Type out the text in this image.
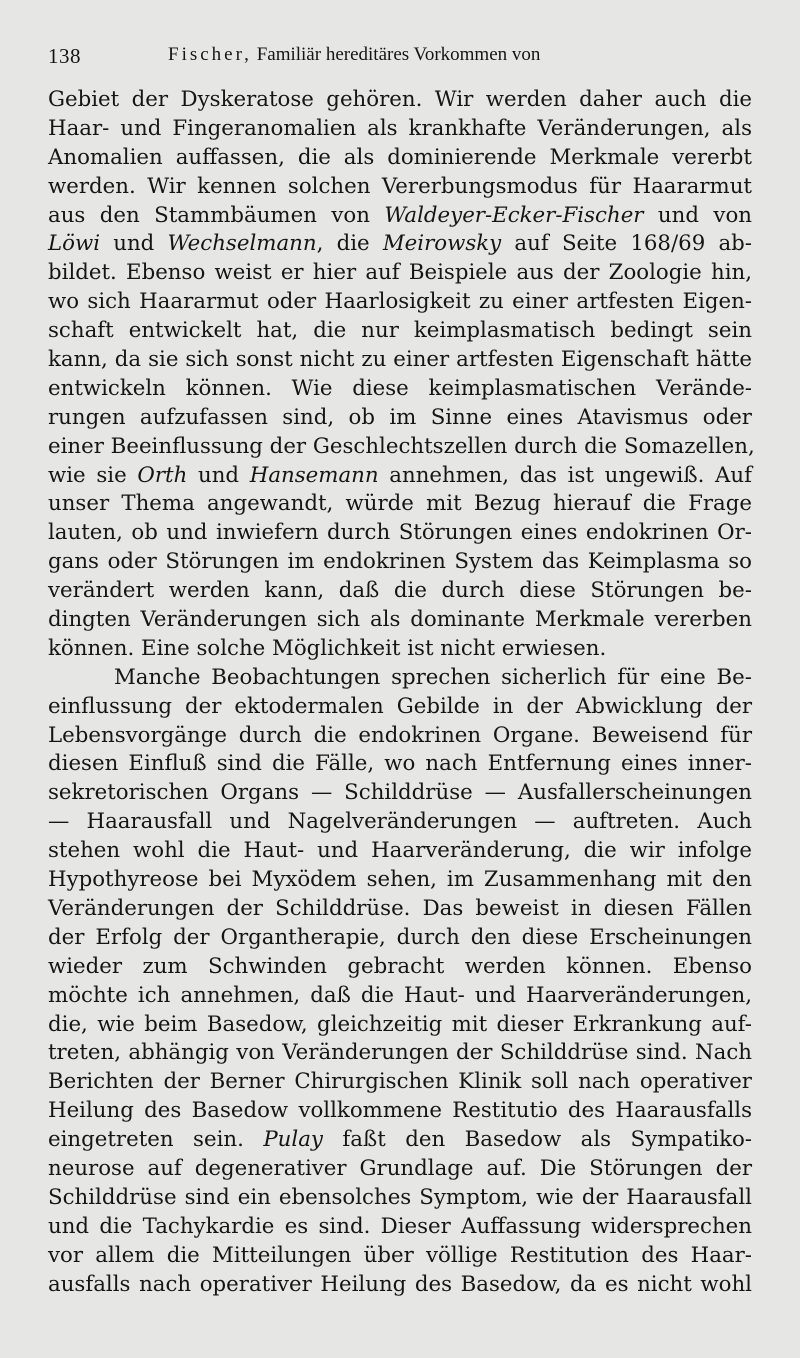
138	Fischer, Familiär hereditäres Vorkommen von
Gebiet der Dyskeratose gehören. Wir werden daher auch die
Haar- und Fingeranomalien als krankhafte Veränderungen, als
Anomalien auffassen, die als dominierende Merkmale vererbt
werden. Wir kennen solchen Vererbungsmodus für Haararmut
aus den Stammbäumen von Waldeyer-Ecker-Fischer und von
Löwi und Wechselmann, die Meirowsky auf Seite 168/69 ab-
bildet. Ebenso weist er hier auf Beispiele aus der Zoologie hin,
wo sich Haararmut oder Haarlosigkeit zu einer artfesten Eigen-
schaft entwickelt hat, die nur keimplasmatisch bedingt sein
kann, da sie sich sonst nicht zu einer artfesten Eigenschaft hätte
entwickeln können. Wie diese keimplasmatischen Verände-
rungen aufzufassen sind, ob im Sinne eines Atavismus oder
einer Beeinflussung der Geschlechtszellen durch die Somazellen,
wie sie Orth und Hansemann annehmen, das ist ungewiß. Auf
unser Thema angewandt, würde mit Bezug hierauf die Frage
lauten, ob und inwiefern durch Störungen eines endokrinen Or-
gans oder Störungen im endokrinen System das Keimplasma so
verändert werden kann, daß die durch diese Störungen be-
dingten Veränderungen sich als dominante Merkmale vererben
können. Eine solche Möglichkeit ist nicht erwiesen.
Manche Beobachtungen sprechen sicherlich für eine Be-
einflussung der ektodermalen Gebilde in der Abwicklung der
Lebensvorgänge durch die endokrinen Organe. Beweisend für
diesen Einfluß sind die Fälle, wo nach Entfernung eines inner-
sekretorischen Organs — Schilddrüse — Ausfallerscheinungen
— Haarausfall und Nagelveränderungen — auftreten. Auch
stehen wohl die Haut- und Haarveränderung, die wir infolge
Hypothyreose bei Myxödem sehen, im Zusammenhang mit den
Veränderungen der Schilddrüse. Das beweist in diesen Fällen
der Erfolg der Organtherapie, durch den diese Erscheinungen
wieder zum Schwinden gebracht werden können. Ebenso
möchte ich annehmen, daß die Haut- und Haarveränderungen,
die, wie beim Basedow, gleichzeitig mit dieser Erkrankung auf-
treten, abhängig von Veränderungen der Schilddrüse sind. Nach
Berichten der Berner Chirurgischen Klinik soll nach operativer
Heilung des Basedow vollkommene Restitutio des Haarausfalls
eingetreten sein. Pulay faßt den Basedow als Sympatiko-
neurose auf degenerativer Grundlage auf. Die Störungen der
Schilddrüse sind ein ebensolches Symptom, wie der Haarausfall
und die Tachykardie es sind. Dieser Auffassung widersprechen
vor allem die Mitteilungen über völlige Restitution des Haar-
ausfalls nach operativer Heilung des Basedow, da es nicht wohl
